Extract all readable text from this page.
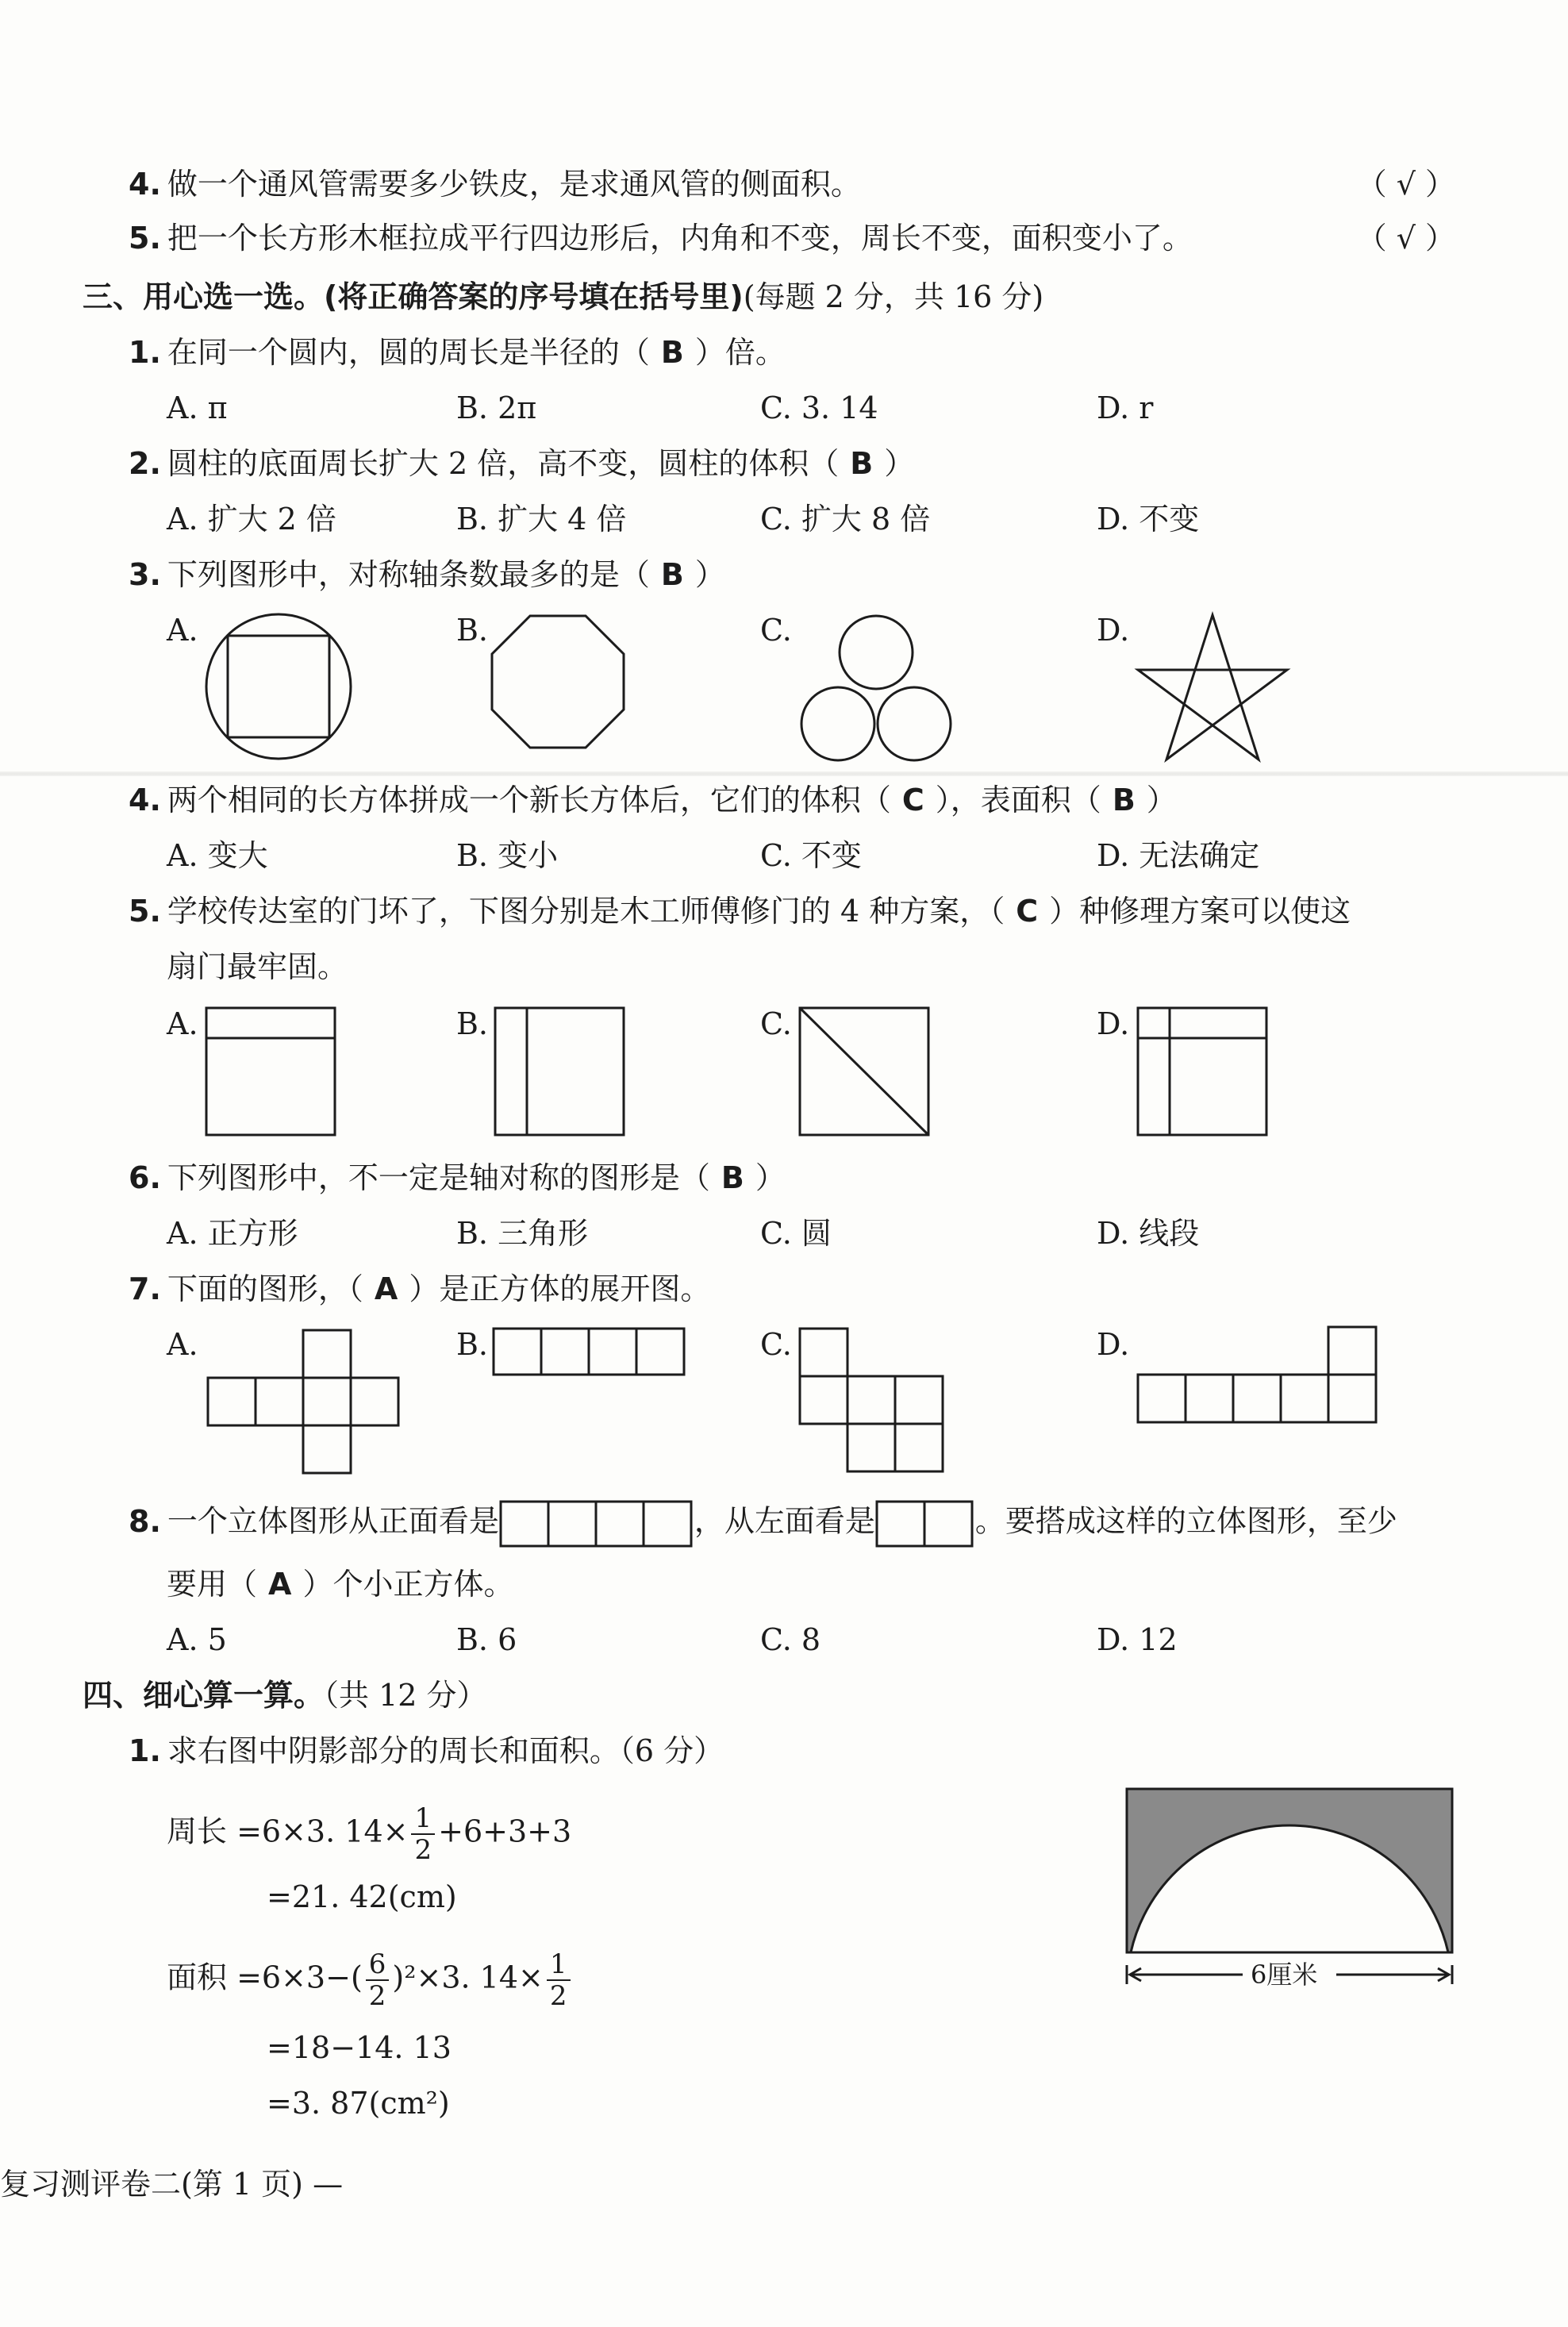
4. 做一个通风管需要多少铁皮，是求通风管的侧面积。	（ √ ）
5. 把一个长方形木框拉成平行四边形后，内角和不变，周长不变，面积变小了。	（ √ ）
三、用心选一选。(将正确答案的序号填在括号里)(每题 2 分，共 16 分)
1. 在同一个圆内，圆的周长是半径的（ B ）倍。
A. π	B. 2π	C. 3. 14	D. r
2. 圆柱的底面周长扩大 2 倍，高不变，圆柱的体积（ B ）
A. 扩大 2 倍	B. 扩大 4 倍	C. 扩大 8 倍	D. 不变
3. 下列图形中，对称轴条数最多的是（ B ）
A.	B.	C.	D.
4. 两个相同的长方体拼成一个新长方体后，它们的体积（ C ），表面积（ B ）
A. 变大	B. 变小	C. 不变	D. 无法确定
5. 学校传达室的门坏了，下图分别是木工师傅修门的 4 种方案，（ C ）种修理方案可以使这
扇门最牢固。
A.	B.	C.	D.
6. 下列图形中，不一定是轴对称的图形是（ B ）
A. 正方形	B. 三角形	C. 圆	D. 线段
7. 下面的图形，（ A ）是正方体的展开图。
A.	B.	C.	D.
8. 一个立体图形从正面看是	，从左面看是	。要搭成这样的立体图形，至少
要用（ A ）个小正方体。
A. 5	B. 6	C. 8	D. 12
四、细心算一算。（共 12 分）
1. 求右图中阴影部分的周长和面积。（6 分）
周长 =6×3. $14\times \frac{1}{2} +6+3+3$
=21. 42(cm)
面积 $=6\times 3-( \frac{6}{2} )^2\times 3$. $14\times \frac{1}{2}$
=18−14. 13
=3. 87(cm²)
6厘米
复习测评卷二(第 1 页) —
